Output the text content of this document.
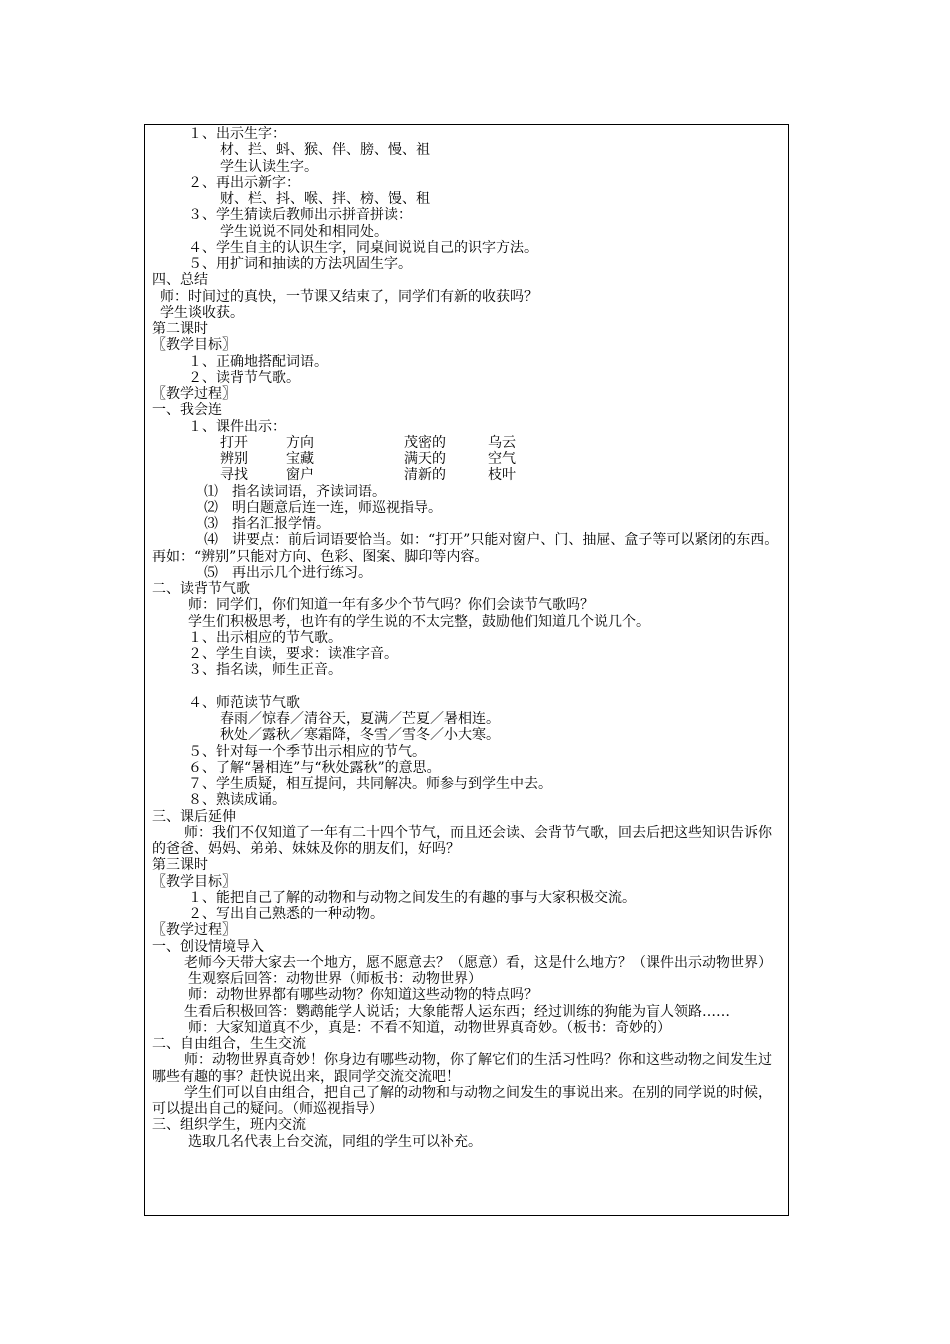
１、出示生字：
材、拦、蚪、猴、伴、膀、慢、祖
学生认读生字。
２、再出示新字：
财、栏、抖、喉、拌、榜、馒、租
３、学生猜读后教师出示拼音拼读：
学生说说不同处和相同处。
４、学生自主的认识生字，同桌间说说自己的识字方法。
５、用扩词和抽读的方法巩固生字。
四、总结
师：时间过的真快，一节课又结束了，同学们有新的收获吗？
学生谈收获。
第二课时
〖教学目标〗
１、正确地搭配词语。
２、读背节气歌。
〖教学过程〗
一、我会连
１、课件出示：
打开	方向	茂密的	乌云
辨别	宝藏	满天的	空气
寻找	窗户	清新的	枝叶
⑴　指名读词语，齐读词语。
⑵　明白题意后连一连，师巡视指导。
⑶　指名汇报学情。
⑷　讲要点：前后词语要恰当。如：“打开”只能对窗户、门、抽屉、盒子等可以紧闭的东西。再如：“辨别”只能对方向、色彩、图案、脚印等内容。
⑸　再出示几个进行练习。
二、读背节气歌
师：同学们，你们知道一年有多少个节气吗？你们会读节气歌吗？
学生们积极思考，也许有的学生说的不太完整，鼓励他们知道几个说几个。
１、出示相应的节气歌。
２、学生自读，要求：读准字音。
３、指名读，师生正音。
４、师范读节气歌
春雨／惊春／清谷天，夏满／芒夏／暑相连。
秋处／露秋／寒霜降，冬雪／雪冬／小大寒。
５、针对每一个季节出示相应的节气。
６、了解“暑相连”与“秋处露秋”的意思。
７、学生质疑，相互提问，共同解决。师参与到学生中去。
８、熟读成诵。
三、课后延伸
师：我们不仅知道了一年有二十四个节气，而且还会读、会背节气歌，回去后把这些知识告诉你的爸爸、妈妈、弟弟、妹妹及你的朋友们，好吗？
第三课时
〖教学目标〗
１、能把自己了解的动物和与动物之间发生的有趣的事与大家积极交流。
２、写出自己熟悉的一种动物。
〖教学过程〗
一、创设情境导入
老师今天带大家去一个地方，愿不愿意去？（愿意）看，这是什么地方？（课件出示动物世界）
生观察后回答：动物世界（师板书：动物世界）
师：动物世界都有哪些动物？你知道这些动物的特点吗？
生看后积极回答：鹦鹉能学人说话；大象能帮人运东西；经过训练的狗能为盲人领路……
师：大家知道真不少，真是：不看不知道，动物世界真奇妙。（板书：奇妙的）
二、自由组合，生生交流
师：动物世界真奇妙！你身边有哪些动物，你了解它们的生活习性吗？你和这些动物之间发生过哪些有趣的事？赶快说出来，跟同学交流交流吧！
学生们可以自由组合，把自己了解的动物和与动物之间发生的事说出来。在别的同学说的时候，可以提出自己的疑问。（师巡视指导）
三、组织学生，班内交流
选取几名代表上台交流，同组的学生可以补充。
